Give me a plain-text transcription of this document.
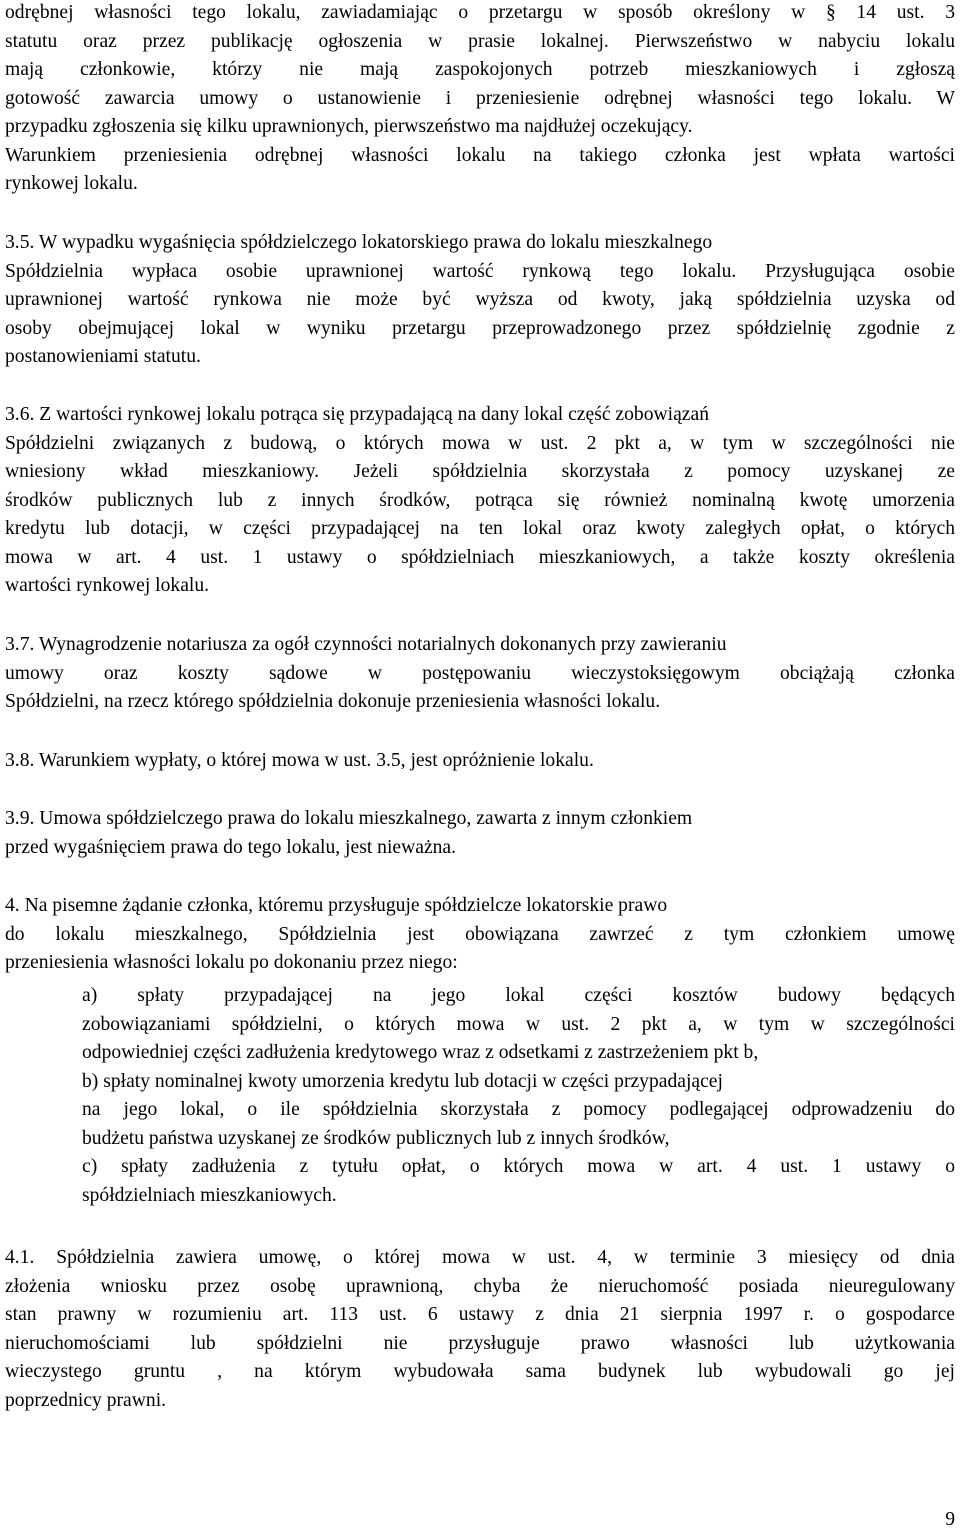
odrębnej własności tego lokalu, zawiadamiając o przetargu w sposób określony w § 14 ust. 3

statutu oraz przez publikację ogłoszenia w prasie lokalnej. Pierwszeństwo w nabyciu lokalu

mają członkowie, którzy nie mają zaspokojonych potrzeb mieszkaniowych i zgłoszą

gotowość zawarcia umowy o ustanowienie i przeniesienie odrębnej własności tego lokalu. W

przypadku zgłoszenia się kilku uprawnionych, pierwszeństwo ma najdłużej oczekujący.

Warunkiem przeniesienia odrębnej własności lokalu na takiego członka jest wpłata wartości

rynkowej lokalu.

3.5. W wypadku wygaśnięcia spółdzielczego lokatorskiego prawa do lokalu mieszkalnego

Spółdzielnia wypłaca osobie uprawnionej wartość rynkową tego lokalu. Przysługująca osobie

uprawnionej wartość rynkowa nie może być wyższa od kwoty, jaką spółdzielnia uzyska od

osoby obejmującej lokal w wyniku przetargu przeprowadzonego przez spółdzielnię zgodnie z

postanowieniami statutu.

3.6. Z wartości rynkowej lokalu potrąca się przypadającą na dany lokal część zobowiązań

Spółdzielni związanych z budową, o których mowa w ust. 2 pkt a, w tym w szczególności nie

wniesiony wkład mieszkaniowy. Jeżeli spółdzielnia skorzystała z pomocy uzyskanej ze

środków publicznych lub z innych środków, potrąca się również nominalną kwotę umorzenia

kredytu lub dotacji, w części przypadającej na ten lokal oraz kwoty zaległych opłat, o których

mowa w art. 4 ust. 1 ustawy o spółdzielniach mieszkaniowych, a także koszty określenia

wartości rynkowej lokalu.

3.7. Wynagrodzenie notariusza za ogół czynności notarialnych dokonanych przy zawieraniu

umowy oraz koszty sądowe w postępowaniu wieczystoksięgowym obciążają członka

Spółdzielni, na rzecz którego spółdzielnia dokonuje przeniesienia własności lokalu.

3.8. Warunkiem wypłaty, o której mowa w ust. 3.5, jest opróżnienie lokalu.

3.9. Umowa spółdzielczego prawa do lokalu mieszkalnego, zawarta z innym członkiem

przed wygaśnięciem prawa do tego lokalu, jest nieważna.

4. Na pisemne żądanie członka, któremu przysługuje spółdzielcze lokatorskie prawo

do lokalu mieszkalnego, Spółdzielnia jest obowiązana zawrzeć z tym członkiem umowę

przeniesienia własności lokalu po dokonaniu przez niego:

a) spłaty przypadającej na jego lokal części kosztów budowy będących

zobowiązaniami spółdzielni, o których mowa w ust. 2 pkt a, w tym w szczególności

odpowiedniej części zadłużenia kredytowego wraz z odsetkami z zastrzeżeniem pkt b,

b) spłaty nominalnej kwoty umorzenia kredytu lub dotacji w części przypadającej

na jego lokal, o ile spółdzielnia skorzystała z pomocy podlegającej odprowadzeniu do

budżetu państwa uzyskanej ze środków publicznych lub z innych środków,

c) spłaty zadłużenia z tytułu opłat, o których mowa w art. 4 ust. 1 ustawy o

spółdzielniach mieszkaniowych.

4.1. Spółdzielnia zawiera umowę, o której mowa w ust. 4, w terminie 3 miesięcy od dnia

złożenia wniosku przez osobę uprawnioną, chyba że nieruchomość posiada nieuregulowany

stan prawny w rozumieniu art. 113 ust. 6 ustawy z dnia 21 sierpnia 1997 r. o gospodarce

nieruchomościami lub spółdzielni nie przysługuje prawo własności lub użytkowania

wieczystego gruntu , na którym wybudowała sama budynek lub wybudowali go jej

poprzednicy prawni.

9
